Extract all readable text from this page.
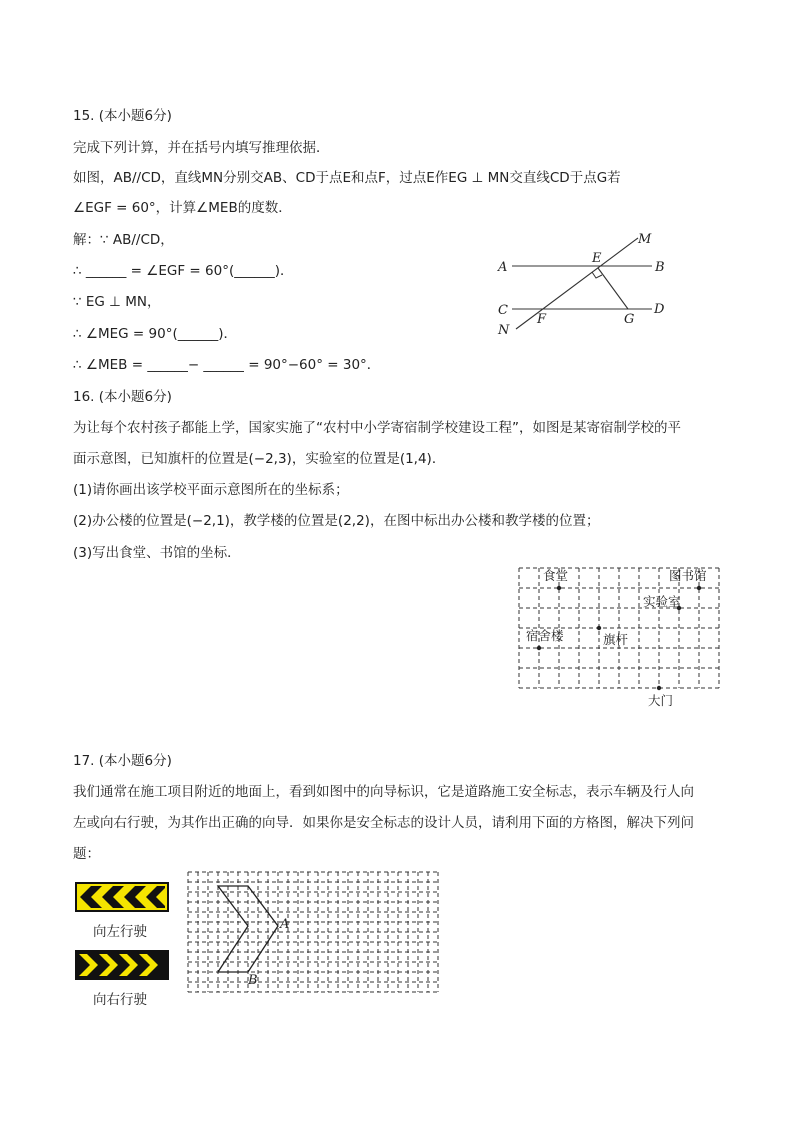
15. (本小题6分)
完成下列计算，并在括号内填写推理依据．
如图，AB//CD，直线MN分别交AB、CD于点E和点F，过点E作EG ⊥ MN交直线CD于点G若
∠EGF = 60°，计算∠MEB的度数．
解：∵ AB//CD，
∴ ______ = ∠EGF = 60°(______)．
∵ EG ⊥ MN，
∴ ∠MEG = 90°(______)．
∴ ∠MEB = ______− ______ = 90°−60° = 30°．
M
A
E
B
C	D
N
F	G
16. (本小题6分)
为让每个农村孩子都能上学，国家实施了“农村中小学寄宿制学校建设工程”，如图是某寄宿制学校的平
面示意图，已知旗杆的位置是(−2,3)，实验室的位置是(1,4)．
(1)请你画出该学校平面示意图所在的坐标系；
(2)办公楼的位置是(−2,1)，教学楼的位置是(2,2)，在图中标出办公楼和教学楼的位置；
(3)写出食堂、书馆的坐标．
食堂	图书馆
实验室
宿舍楼	旗杆
大门
17. (本小题6分)
我们通常在施工项目附近的地面上，看到如图中的向导标识，它是道路施工安全标志，表示车辆及行人向
左或向右行驶，为其作出正确的向导．如果你是安全标志的设计人员，请利用下面的方格图，解决下列问
题：
向左行驶
向右行驶
A
B
